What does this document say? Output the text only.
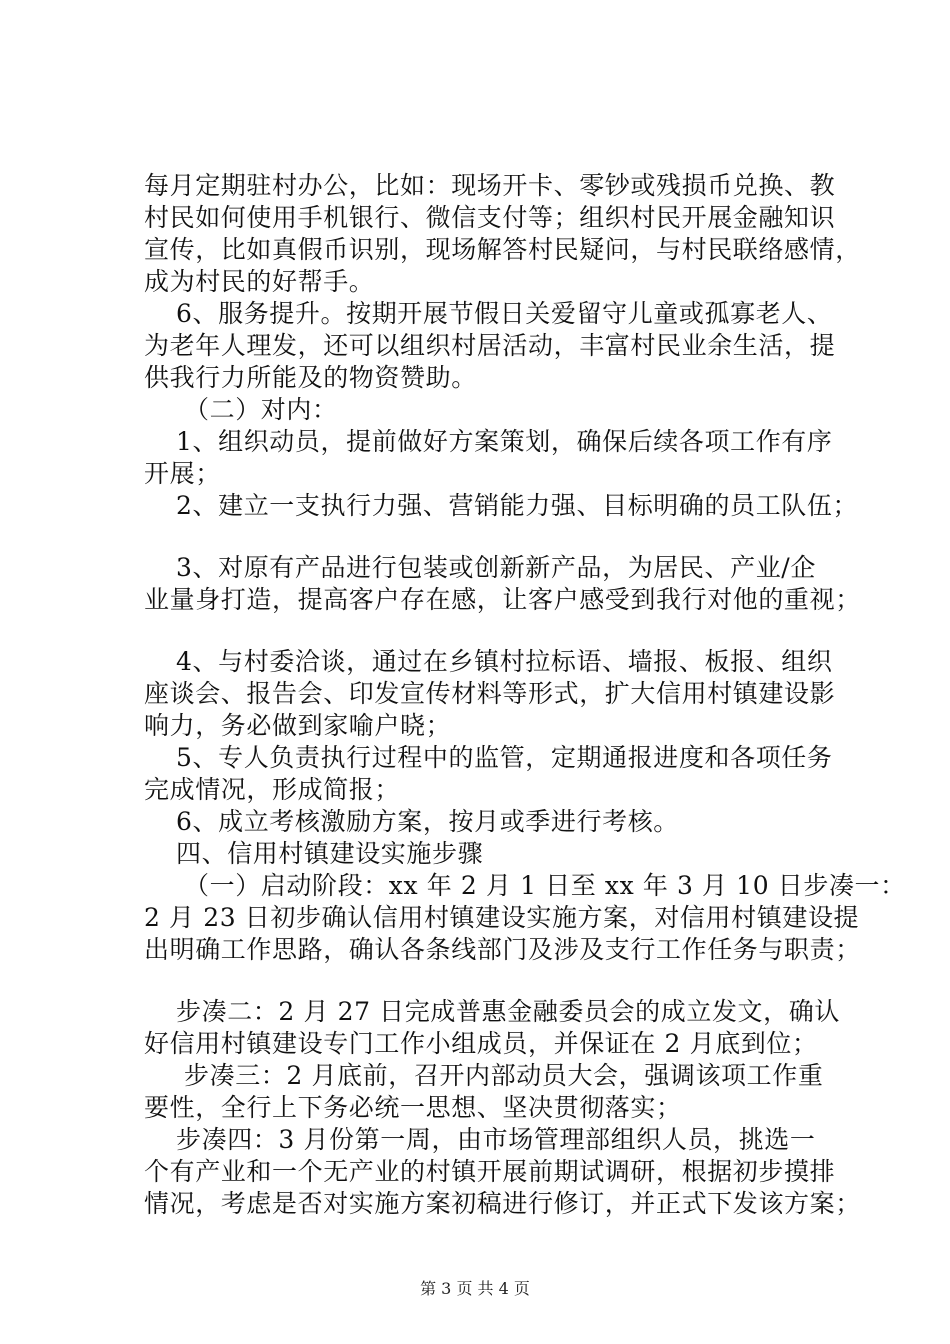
每月定期驻村办公，比如：现场开卡、零钞或残损币兑换、教
村民如何使用手机银行、微信支付等；组织村民开展金融知识
宣传，比如真假币识别，现场解答村民疑问，与村民联络感情，
成为村民的好帮手。
6、服务提升。按期开展节假日关爱留守儿童或孤寡老人、
为老年人理发，还可以组织村居活动，丰富村民业余生活，提
供我行力所能及的物资赞助。
（二）对内：
1、组织动员，提前做好方案策划，确保后续各项工作有序
开展；
2、建立一支执行力强、营销能力强、目标明确的员工队伍；
3、对原有产品进行包装或创新新产品，为居民、产业/企
业量身打造，提高客户存在感，让客户感受到我行对他的重视；
4、与村委洽谈，通过在乡镇村拉标语、墙报、板报、组织
座谈会、报告会、印发宣传材料等形式，扩大信用村镇建设影
响力，务必做到家喻户晓；
5、专人负责执行过程中的监管，定期通报进度和各项任务
完成情况，形成简报；
6、成立考核激励方案，按月或季进行考核。
四、信用村镇建设实施步骤
（一）启动阶段：xx 年 2 月 1 日至 xx 年 3 月 10 日步凑一：
2 月 23 日初步确认信用村镇建设实施方案，对信用村镇建设提
出明确工作思路，确认各条线部门及涉及支行工作任务与职责；
步凑二：2 月 27 日完成普惠金融委员会的成立发文，确认
好信用村镇建设专门工作小组成员，并保证在 2 月底到位；
步凑三：2 月底前，召开内部动员大会，强调该项工作重
要性，全行上下务必统一思想、坚决贯彻落实；
步凑四：3 月份第一周，由市场管理部组织人员，挑选一
个有产业和一个无产业的村镇开展前期试调研，根据初步摸排
情况，考虑是否对实施方案初稿进行修订，并正式下发该方案；
第 3 页 共 4 页
